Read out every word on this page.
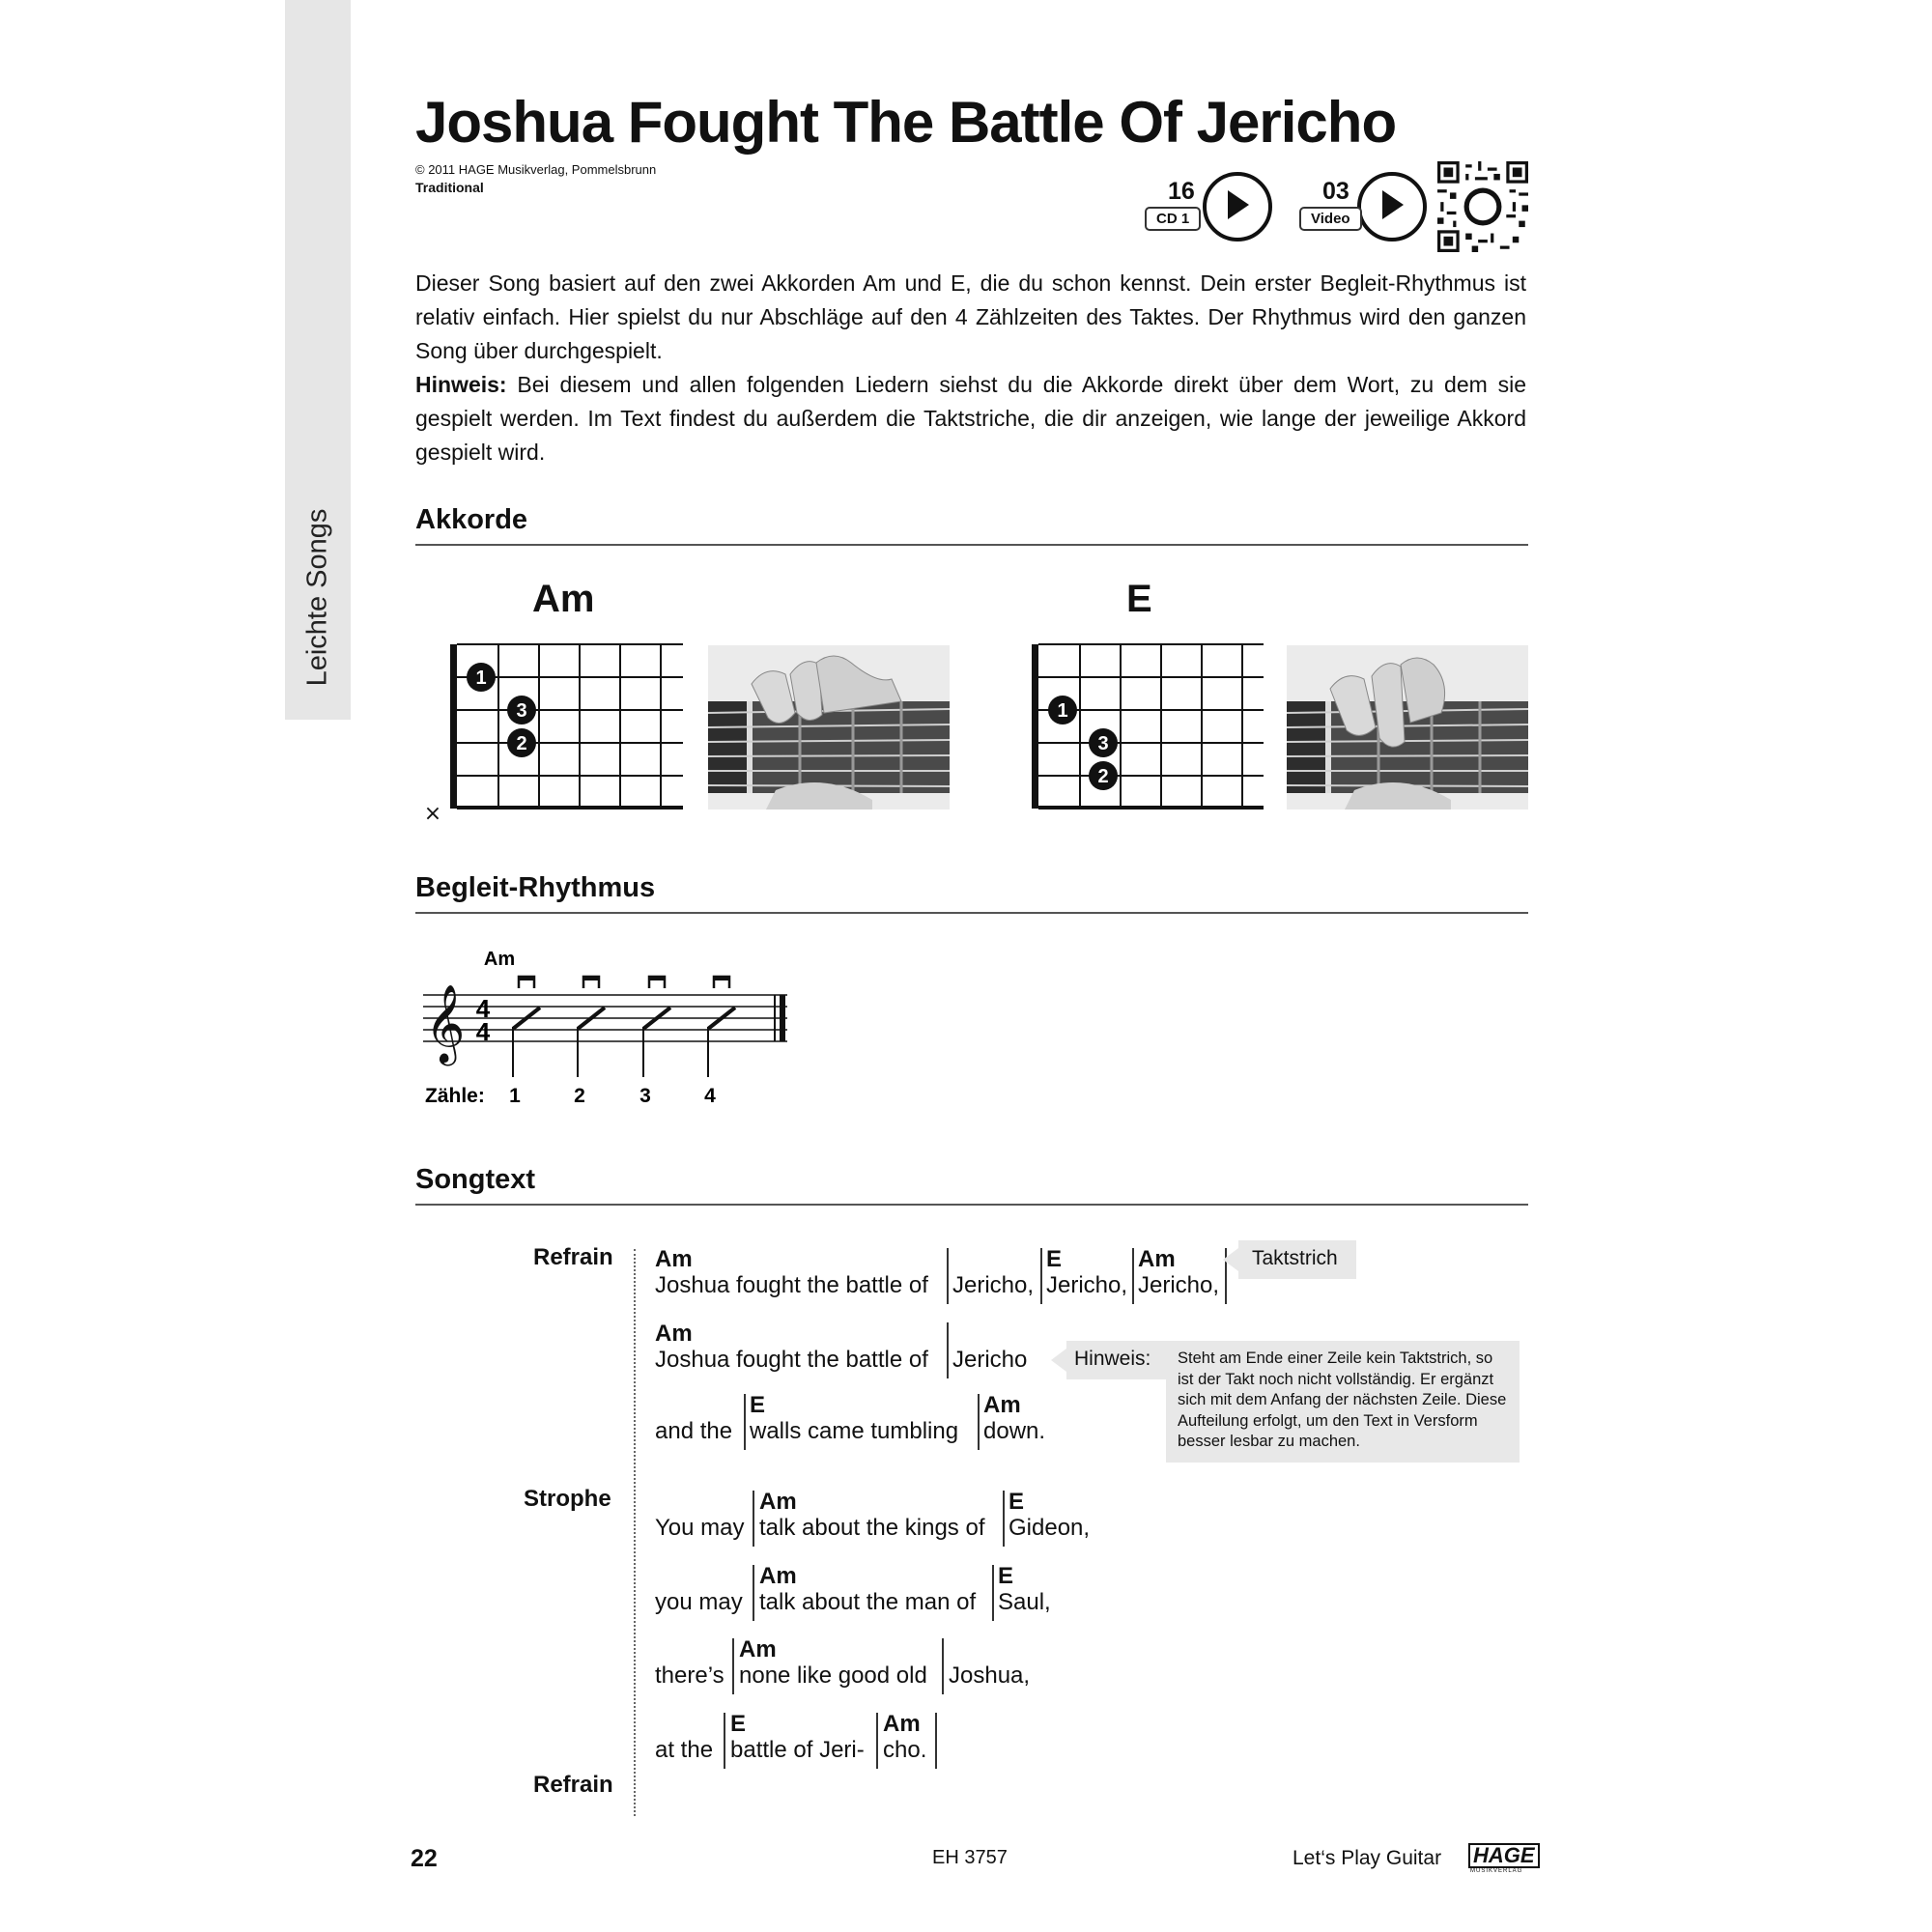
Leichte Songs
Joshua Fought The Battle Of Jericho
© 2011 HAGE Musikverlag, Pommelsbrunn
Traditional	16
CD 1
03
Video
Dieser Song basiert auf den zwei Akkorden Am und E, die du schon kennst. Dein erster Begleit-Rhythmus ist relativ einfach. Hier spielst du nur Abschläge auf den 4 Zählzeiten des Taktes. Der Rhythmus wird den ganzen Song über durchgespielt.
Hinweis: Bei diesem und allen folgenden Liedern siehst du die Akkorde direkt über dem Wort, zu dem sie gespielt werden. Im Text findest du außerdem die Taktstriche, die dir anzeigen, wie lange der jeweilige Akkord gespielt wird.
Akkorde
Am	E
1
3
2
×
1
3
2
Begleit-Rhythmus
Am
𝄞 4
4
Zähle: 1	2	3	4
Songtext
Refrain
Strophe
Refrain
Am	E	Am
Joshua fought the battle of Jericho, Jericho, Jericho,
Am
Joshua fought the battle of Jericho
E	Am
and the walls came tumbling down.
Am	E
You may talk about the kings of Gideon,
Am	E
you may talk about the man of Saul,
Am
there’s none like good old Joshua,
E	Am
at the battle of Jeri- cho.
Taktstrich
Hinweis: Steht am Ende einer Zeile kein Taktstrich, so ist der Takt noch nicht vollständig. Er ergänzt sich mit dem Anfang der nächsten Zeile. Diese Aufteilung erfolgt, um den Text in Versform besser lesbar zu machen.
22	EH 3757	Let‘s Play Guitar HAGE
MUSIKVERLAG
